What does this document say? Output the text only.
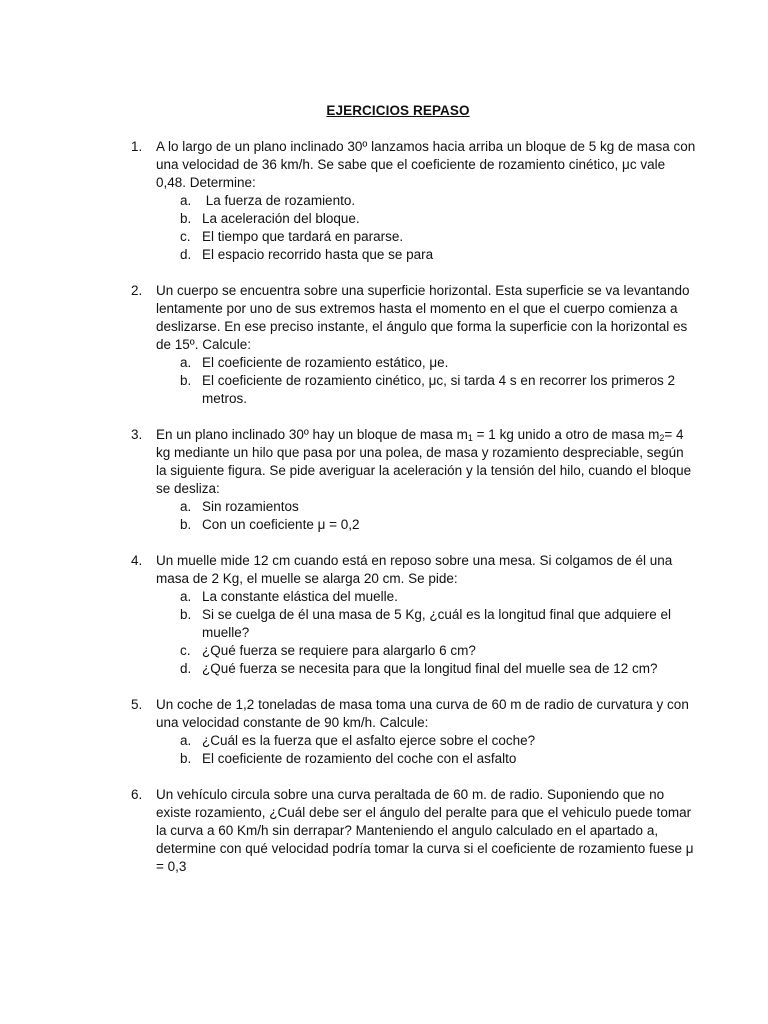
EJERCICIOS REPASO
1. A lo largo de un plano inclinado 30º lanzamos hacia arriba un bloque de 5 kg de masa con una velocidad de 36 km/h. Se sabe que el coeficiente de rozamiento cinético, μc vale 0,48. Determine:
a. La fuerza de rozamiento.
b. La aceleración del bloque.
c. El tiempo que tardará en pararse.
d. El espacio recorrido hasta que se para
2. Un cuerpo se encuentra sobre una superficie horizontal. Esta superficie se va levantando lentamente por uno de sus extremos hasta el momento en el que el cuerpo comienza a deslizarse. En ese preciso instante, el ángulo que forma la superficie con la horizontal es de 15º. Calcule:
a. El coeficiente de rozamiento estático, μe.
b. El coeficiente de rozamiento cinético, μc, si tarda 4 s en recorrer los primeros 2 metros.
3. En un plano inclinado 30º hay un bloque de masa $m_1 = 1$ kg unido a otro de masa $m_2= 4$ kg mediante un hilo que pasa por una polea, de masa y rozamiento despreciable, según la siguiente figura. Se pide averiguar la aceleración y la tensión del hilo, cuando el bloque se desliza:
a. Sin rozamientos
b. Con un coeficiente μ = 0,2
4. Un muelle mide 12 cm cuando está en reposo sobre una mesa. Si colgamos de él una masa de 2 Kg, el muelle se alarga 20 cm. Se pide:
a. La constante elástica del muelle.
b. Si se cuelga de él una masa de 5 Kg, ¿cuál es la longitud final que adquiere el muelle?
c. ¿Qué fuerza se requiere para alargarlo 6 cm?
d. ¿Qué fuerza se necesita para que la longitud final del muelle sea de 12 cm?
5. Un coche de 1,2 toneladas de masa toma una curva de 60 m de radio de curvatura y con una velocidad constante de 90 km/h. Calcule:
a. ¿Cuál es la fuerza que el asfalto ejerce sobre el coche?
b. El coeficiente de rozamiento del coche con el asfalto
6. Un vehículo circula sobre una curva peraltada de 60 m. de radio. Suponiendo que no existe rozamiento, ¿Cuál debe ser el ángulo del peralte para que el vehiculo puede tomar la curva a 60 Km/h sin derrapar? Manteniendo el angulo calculado en el apartado a, determine con qué velocidad podría tomar la curva si el coeficiente de rozamiento fuese μ = 0,3
